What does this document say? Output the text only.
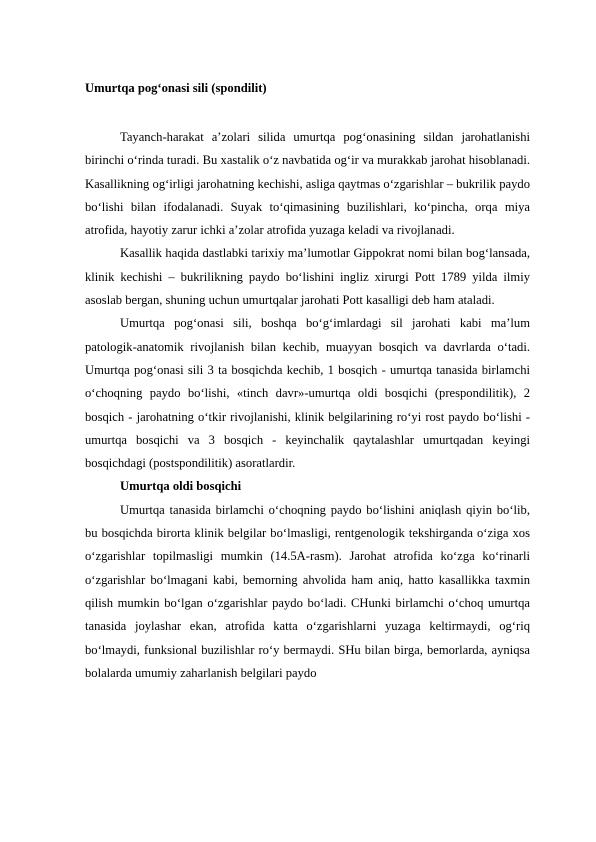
Umurtqa pog‘onasi sili (spondilit)

Tayanch-harakat a’zolari silida umurtqa pog‘onasining sildan jarohatlanishi birinchi o‘rinda turadi. Bu xastalik o‘z navbatida og‘ir va murakkab jarohat hisoblanadi. Kasallikning og‘irligi jarohatning kechishi, asliga qaytmas o‘zgarishlar – bukrilik paydo bo‘lishi bilan ifodalanadi. Suyak to‘qimasining buzilishlari, ko‘pincha, orqa miya atrofida, hayotiy zarur ichki a’zolar atrofida yuzaga keladi va rivojlanadi.

Kasallik haqida dastlabki tarixiy ma’lumotlar Gippokrat nomi bilan bog‘lansada, klinik kechishi – bukrilikning paydo bo‘lishini ingliz xirurgi Pott 1789 yilda ilmiy asoslab bergan, shuning uchun umurtqalar jarohati Pott kasalligi deb ham ataladi.

Umurtqa pog‘onasi sili, boshqa bo‘g‘imlardagi sil jarohati kabi ma’lum patologik-anatomik rivojlanish bilan kechib, muayyan bosqich va davrlarda o‘tadi. Umurtqa pog‘onasi sili 3 ta bosqichda kechib, 1 bosqich - umurtqa tanasida birlamchi o‘choqning paydo bo‘lishi, «tinch davr»-umurtqa oldi bosqichi (prespondilitik), 2 bosqich - jarohatning o‘tkir rivojlanishi, klinik belgilarining ro‘yi rost paydo bo‘lishi - umurtqa bosqichi va 3 bosqich - keyinchalik qaytalashlar umurtqadan keyingi bosqichdagi (postspondilitik) asoratlardir.

Umurtqa oldi bosqichi

Umurtqa tanasida birlamchi o‘choqning paydo bo‘lishini aniqlash qiyin bo‘lib, bu bosqichda birorta klinik belgilar bo‘lmasligi, rentgenologik tekshirganda o‘ziga xos o‘zgarishlar topilmasligi mumkin (14.5A-rasm). Jarohat atrofida ko‘zga ko‘rinarli o‘zgarishlar bo‘lmagani kabi, bemorning ahvolida ham aniq, hatto kasallikka taxmin qilish mumkin bo‘lgan o‘zgarishlar paydo bo‘ladi. CHunki birlamchi o‘choq umurtqa tanasida joylashar ekan, atrofida katta o‘zgarishlarni yuzaga keltirmaydi, og‘riq bo‘lmaydi, funksional buzilishlar ro‘y bermaydi. SHu bilan birga, bemorlarda, ayniqsa bolalarda umumiy zaharlanish belgilari paydo
